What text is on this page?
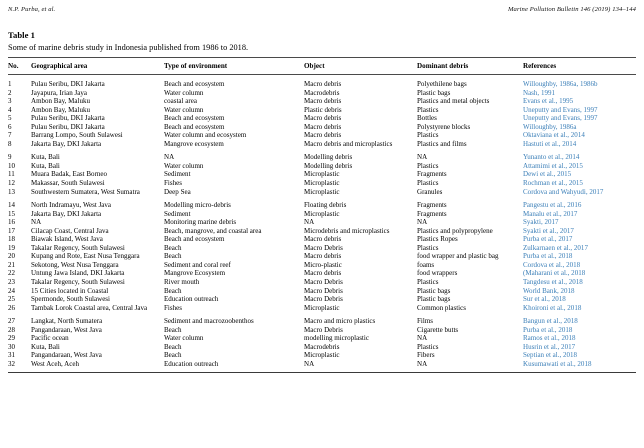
N.P. Purba, et al.	Marine Pollution Bulletin 146 (2019) 134–144
Table 1
Some of marine debris study in Indonesia published from 1986 to 2018.
No.	Geographical area	Type of environment	Object	Dominant debris	References
1	Pulau Seribu, DKI Jakarta	Beach and ecosystem	Macro debris	Polyethilene bags	Willoughby, 1986a, 1986b
2	Jayapura, Irian Jaya	Water column	Macrodebris	Plastic bags	Nash, 1991
3	Ambon Bay, Maluku	coastal area	Macro debris	Plastics and metal objects	Evans et al., 1995
4	Ambon Bay, Maluku	Water column	Plastic debris	Plastics	Uneputty and Evans, 1997
5	Pulau Seribu, DKI Jakarta	Beach and ecosystem	Macro debris	Bottles	Uneputty and Evans, 1997
6	Pulau Seribu, DKI Jakarta	Beach and ecosystem	Macro debris	Polystyrene blocks	Willoughby, 1986a
7	Barrang Lompo, South Sulawesi	Water column and ecosystem	Macro debris	Plastics	Oktaviana et al., 2014
8	Jakarta Bay, DKI Jakarta	Mangrove ecosystem	Macro debris and microplastics	Plastics and films	Hastuti et al., 2014

9	Kuta, Bali	NA	Modelling debris	NA	Yunanto et al., 2014
10	Kuta, Bali	Water column	Modelling debris	Plastics	Attamimi et al., 2015
11	Muara Badak, East Borneo	Sediment	Microplastic	Fragments	Dewi et al., 2015
12	Makassar, South Sulawesi	Fishes	Microplastic	Plastics	Rochman et al., 2015
13	Southwestern Sumatera, West Sumatra	Deep Sea	Microplastic	Granules	Cordova and Wahyudi, 2017

14	North Indramayu, West Java	Modelling micro-debris	Floating debris	Fragments	Pangestu et al., 2016
15	Jakarta Bay, DKI Jakarta	Sediment	Microplastic	Fragments	Manalu et al., 2017
16	NA	Monitoring marine debris	NA	NA	Syakti, 2017
17	Cilacap Coast, Central Java	Beach, mangrove, and coastal area	Microdebris and microplastics	Plastics and polypropylene	Syakti et al., 2017
18	Biawak Island, West Java	Beach and ecosystem	Macro debris	Plastics Ropes	Purba et al., 2017
19	Takalar Regency, South Sulawesi	Beach	Macro Debris	Plastics	Zulkarnaen et al., 2017
20	Kupang and Rote, East Nusa Tenggara	Beach	Macro debris	food wrapper and plastic bag	Purba et al., 2018
21	Sekotong, West Nusa Tenggara	Sediment and coral reef	Micro-plastic	foams	Cordova et al., 2018
22	Untung Jawa Island, DKI Jakarta	Mangrove Ecosystem	Macro debris	food wrappers	(Maharani et al., 2018
23	Takalar Regency, South Sulawesi	River mouth	Macro Debris	Plastics	Tangdesu et al., 2018
24	15 Cities located in Coastal	Beach	Macro Debris	Plastic bags	World Bank, 2018
25	Spermonde, South Sulawesi	Education outreach	Macro Debris	Plastic bags	Sur et al., 2018
26	Tambak Lorok Coastal area, Central Java	Fishes	Microplastic	Common plastics	Khoironi et al., 2018

27	Langkat, North Sumatera	Sediment and macrozoobenthos	Macro and micro plastics	Films	Bangun et al., 2018
28	Pangandaraan, West Java	Beach	Macro Debris	Cigarette butts	Purba et al., 2018
29	Pacific ocean	Water column	modelling microplastic	NA	Ramos et al., 2018
30	Kuta, Bali	Beach	Macrodebris	Plastics	Husrin et al., 2017
31	Pangandaraan, West Java	Beach	Microplastic	Fibers	Septian et al., 2018
32	West Aceh, Aceh	Education outreach	NA	NA	Kusumawati et al., 2018
